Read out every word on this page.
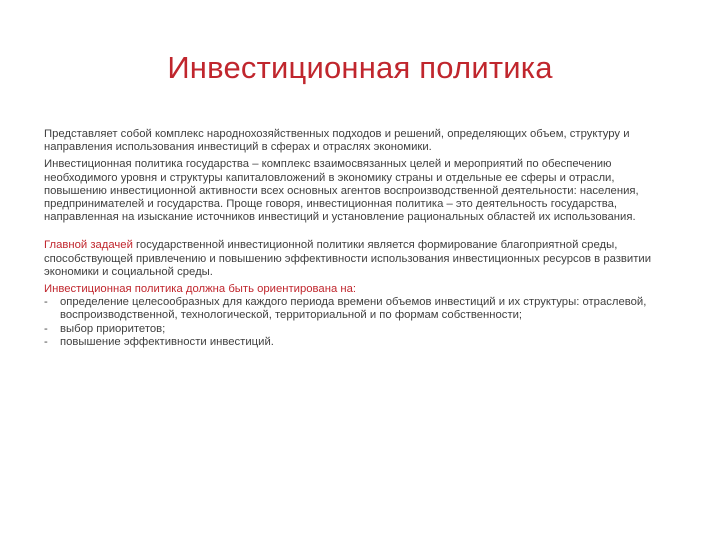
Инвестиционная политика

Представляет собой комплекс народнохозяйственных подходов и решений, определяющих объем, структуру и направления использования инвестиций в сферах и отраслях экономики.

Инвестиционная политика государства – комплекс взаимосвязанных целей и мероприятий по обеспечению необходимого уровня и структуры капиталовложений в экономику страны и отдельные ее сферы и отрасли, повышению инвестиционной активности всех основных агентов воспроизводственной деятельности: населения, предпринимателей и государства. Проще говоря, инвестиционная политика – это деятельность государства, направленная на изыскание источников инвестиций и установление рациональных областей их использования.

Главной задачей государственной инвестиционной политики является формирование благоприятной среды, способствующей привлечению и повышению эффективности использования инвестиционных ресурсов в развитии экономики и социальной среды.

Инвестиционная политика должна быть ориентирована на:

-	определение целесообразных для каждого периода времени объемов инвестиций и их структуры: отраслевой, воспроизводственной, технологической, территориальной и по формам собственности;
-	выбор приоритетов;
-	повышение эффективности инвестиций.
